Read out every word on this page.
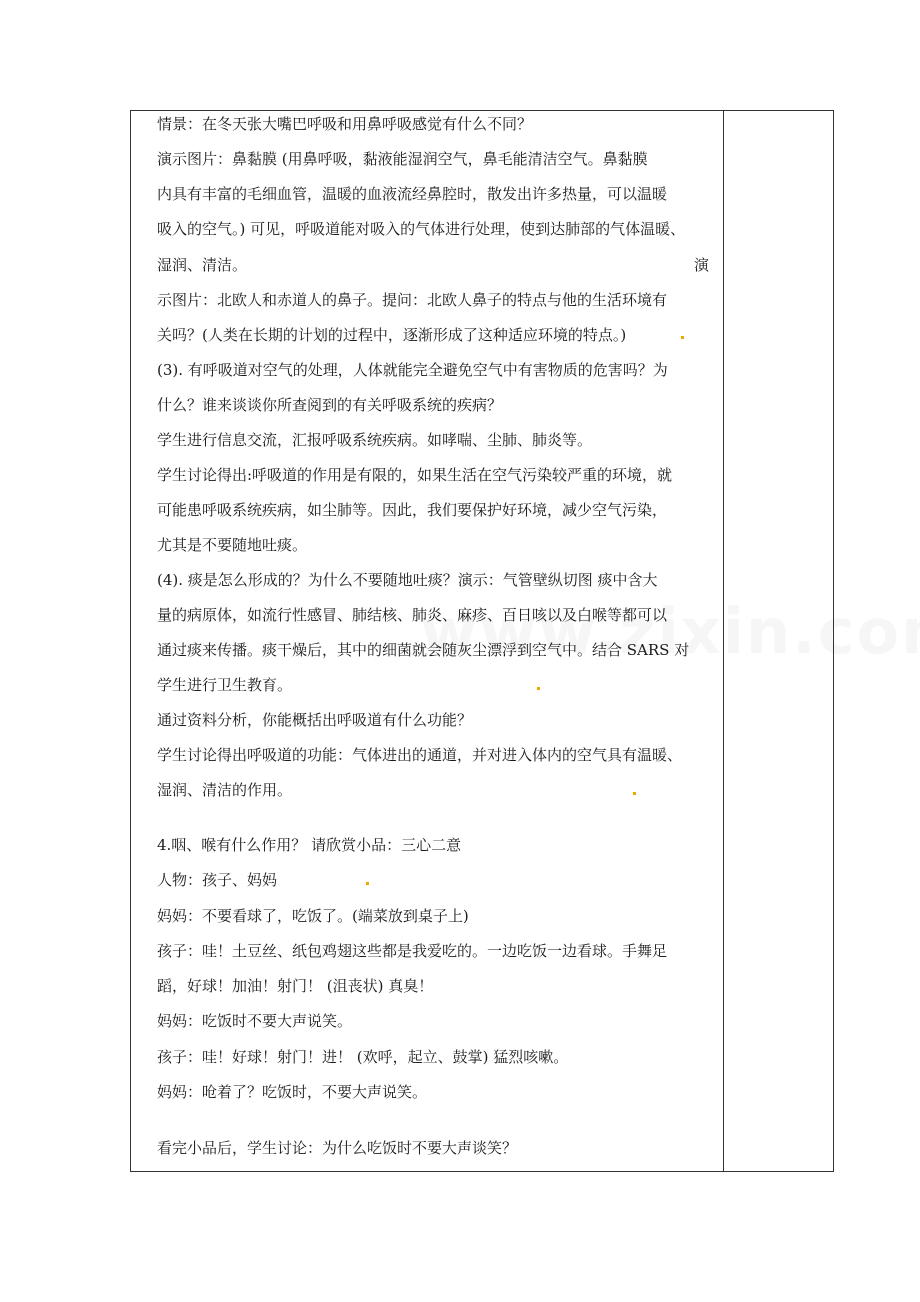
情景：在冬天张大嘴巴呼吸和用鼻呼吸感觉有什么不同？
演示图片：鼻黏膜 (用鼻呼吸，黏液能湿润空气，鼻毛能清洁空气。鼻黏膜
内具有丰富的毛细血管，温暖的血液流经鼻腔时，散发出许多热量，可以温暖
吸入的空气。) 可见，呼吸道能对吸入的气体进行处理，使到达肺部的气体温暖、
湿润、清洁。	演
示图片：北欧人和赤道人的鼻子。提问：北欧人鼻子的特点与他的生活环境有
关吗？(人类在长期的计划的过程中，逐渐形成了这种适应环境的特点。)
(3). 有呼吸道对空气的处理，人体就能完全避免空气中有害物质的危害吗？为
什么？谁来谈谈你所查阅到的有关呼吸系统的疾病？
学生进行信息交流，汇报呼吸系统疾病。如哮喘、尘肺、肺炎等。
学生讨论得出:呼吸道的作用是有限的，如果生活在空气污染较严重的环境，就
可能患呼吸系统疾病，如尘肺等。因此，我们要保护好环境，减少空气污染，
尤其是不要随地吐痰。
(4). 痰是怎么形成的？为什么不要随地吐痰？演示：气管壁纵切图 痰中含大
量的病原体，如流行性感冒、肺结核、肺炎、麻疹、百日咳以及白喉等都可以
通过痰来传播。痰干燥后，其中的细菌就会随灰尘漂浮到空气中。结合 SARS 对
学生进行卫生教育。
通过资料分析，你能概括出呼吸道有什么功能？
学生讨论得出呼吸道的功能：气体进出的通道，并对进入体内的空气具有温暖、
湿润、清洁的作用。
4.咽、喉有什么作用？ 请欣赏小品：三心二意
人物：孩子、妈妈
妈妈：不要看球了，吃饭了。(端菜放到桌子上)
孩子：哇！土豆丝、纸包鸡翅这些都是我爱吃的。一边吃饭一边看球。手舞足
蹈，好球！加油！射门！ (沮丧状) 真臭！
妈妈：吃饭时不要大声说笑。
孩子：哇！好球！射门！进！ (欢呼，起立、鼓掌) 猛烈咳嗽。
妈妈：呛着了？吃饭时，不要大声说笑。
看完小品后，学生讨论：为什么吃饭时不要大声谈笑？
